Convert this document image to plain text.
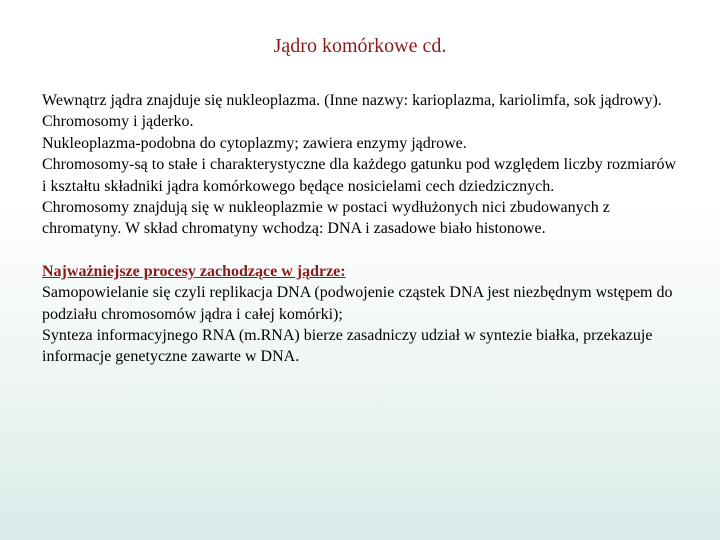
Jądro komórkowe cd.

Wewnątrz jądra znajduje się nukleoplazma. (Inne nazwy: karioplazma, kariolimfa, sok jądrowy). Chromosomy i jąderko.

Nukleoplazma-podobna do cytoplazmy; zawiera enzymy jądrowe.

Chromosomy-są to stałe i charakterystyczne dla każdego gatunku pod względem liczby rozmiarów i kształtu składniki jądra komórkowego będące nosicielami cech dziedzicznych.

Chromosomy znajdują się w nukleoplazmie w postaci wydłużonych nici zbudowanych z chromatyny. W skład chromatyny wchodzą: DNA i zasadowe biało histonowe.

Najważniejsze procesy zachodzące w jądrze:

Samopowielanie się czyli replikacja DNA (podwojenie cząstek DNA jest niezbędnym wstępem do podziału chromosomów jądra i całej komórki);

Synteza informacyjnego RNA (m.RNA) bierze zasadniczy udział w syntezie białka, przekazuje informacje genetyczne zawarte w DNA.
